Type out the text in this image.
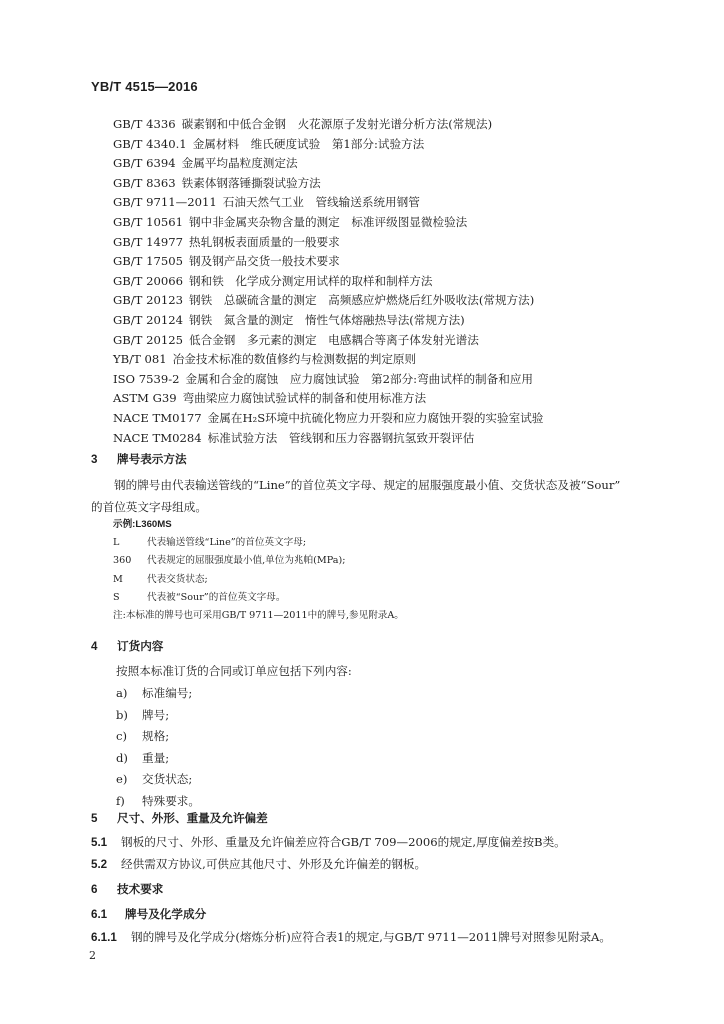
YB/T 4515—2016
GB/T 4336 碳素钢和中低合金钢　火花源原子发射光谱分析方法(常规法)
GB/T 4340.1 金属材料　维氏硬度试验　第1部分:试验方法
GB/T 6394 金属平均晶粒度测定法
GB/T 8363 铁素体钢落锤撕裂试验方法
GB/T 9711—2011 石油天然气工业　管线输送系统用钢管
GB/T 10561 钢中非金属夹杂物含量的测定　标准评级图显微检验法
GB/T 14977 热轧钢板表面质量的一般要求
GB/T 17505 钢及钢产品交货一般技术要求
GB/T 20066 钢和铁　化学成分测定用试样的取样和制样方法
GB/T 20123 钢铁　总碳硫含量的测定　高频感应炉燃烧后红外吸收法(常规方法)
GB/T 20124 钢铁　氮含量的测定　惰性气体熔融热导法(常规方法)
GB/T 20125 低合金钢　多元素的测定　电感耦合等离子体发射光谱法
YB/T 081 冶金技术标准的数值修约与检测数据的判定原则
ISO 7539-2 金属和合金的腐蚀　应力腐蚀试验　第2部分:弯曲试样的制备和应用
ASTM G39 弯曲梁应力腐蚀试验试样的制备和使用标准方法
NACE TM0177 金属在H₂S环境中抗硫化物应力开裂和应力腐蚀开裂的实验室试验
NACE TM0284 标准试验方法　管线钢和压力容器钢抗氢致开裂评估
3 牌号表示方法
钢的牌号由代表输送管线的“Line”的首位英文字母、规定的屈服强度最小值、交货状态及被“Sour”
的首位英文字母组成。
示例:L360MS
L	代表输送管线“Line”的首位英文字母;
360 代表规定的屈服强度最小值,单位为兆帕(MPa);
M	代表交货状态;
S	代表被“Sour”的首位英文字母。
注:本标准的牌号也可采用GB/T 9711—2011中的牌号,参见附录A。
4 订货内容
按照本标准订货的合同或订单应包括下列内容:
a) 标准编号;
b) 牌号;
c) 规格;
d) 重量;
e) 交货状态;
f) 特殊要求。
5 尺寸、外形、重量及允许偏差
5.1 钢板的尺寸、外形、重量及允许偏差应符合GB/T 709—2006的规定,厚度偏差按B类。
5.2 经供需双方协议,可供应其他尺寸、外形及允许偏差的钢板。
6 技术要求
6.1 牌号及化学成分
6.1.1 钢的牌号及化学成分(熔炼分析)应符合表1的规定,与GB/T 9711—2011牌号对照参见附录A。
2
